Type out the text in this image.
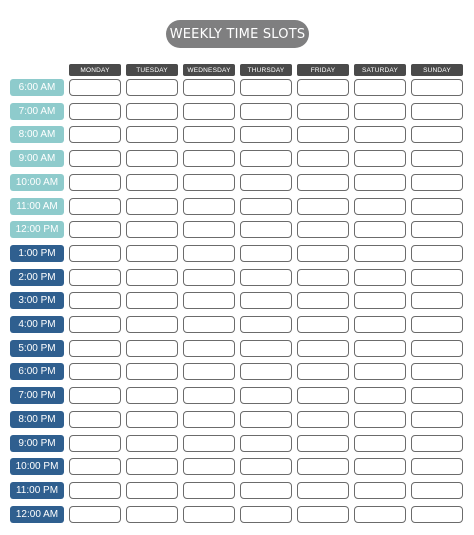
WEEKLY TIME SLOTS
MONDAY	TUESDAY	WEDNESDAY	THURSDAY	FRIDAY	SATURDAY	SUNDAY
6:00 AM
7:00 AM
8:00 AM
9:00 AM
10:00 AM
11:00 AM
12:00 PM
1:00 PM
2:00 PM
3:00 PM
4:00 PM
5:00 PM
6:00 PM
7:00 PM
8:00 PM
9:00 PM
10:00 PM
11:00 PM
12:00 AM
